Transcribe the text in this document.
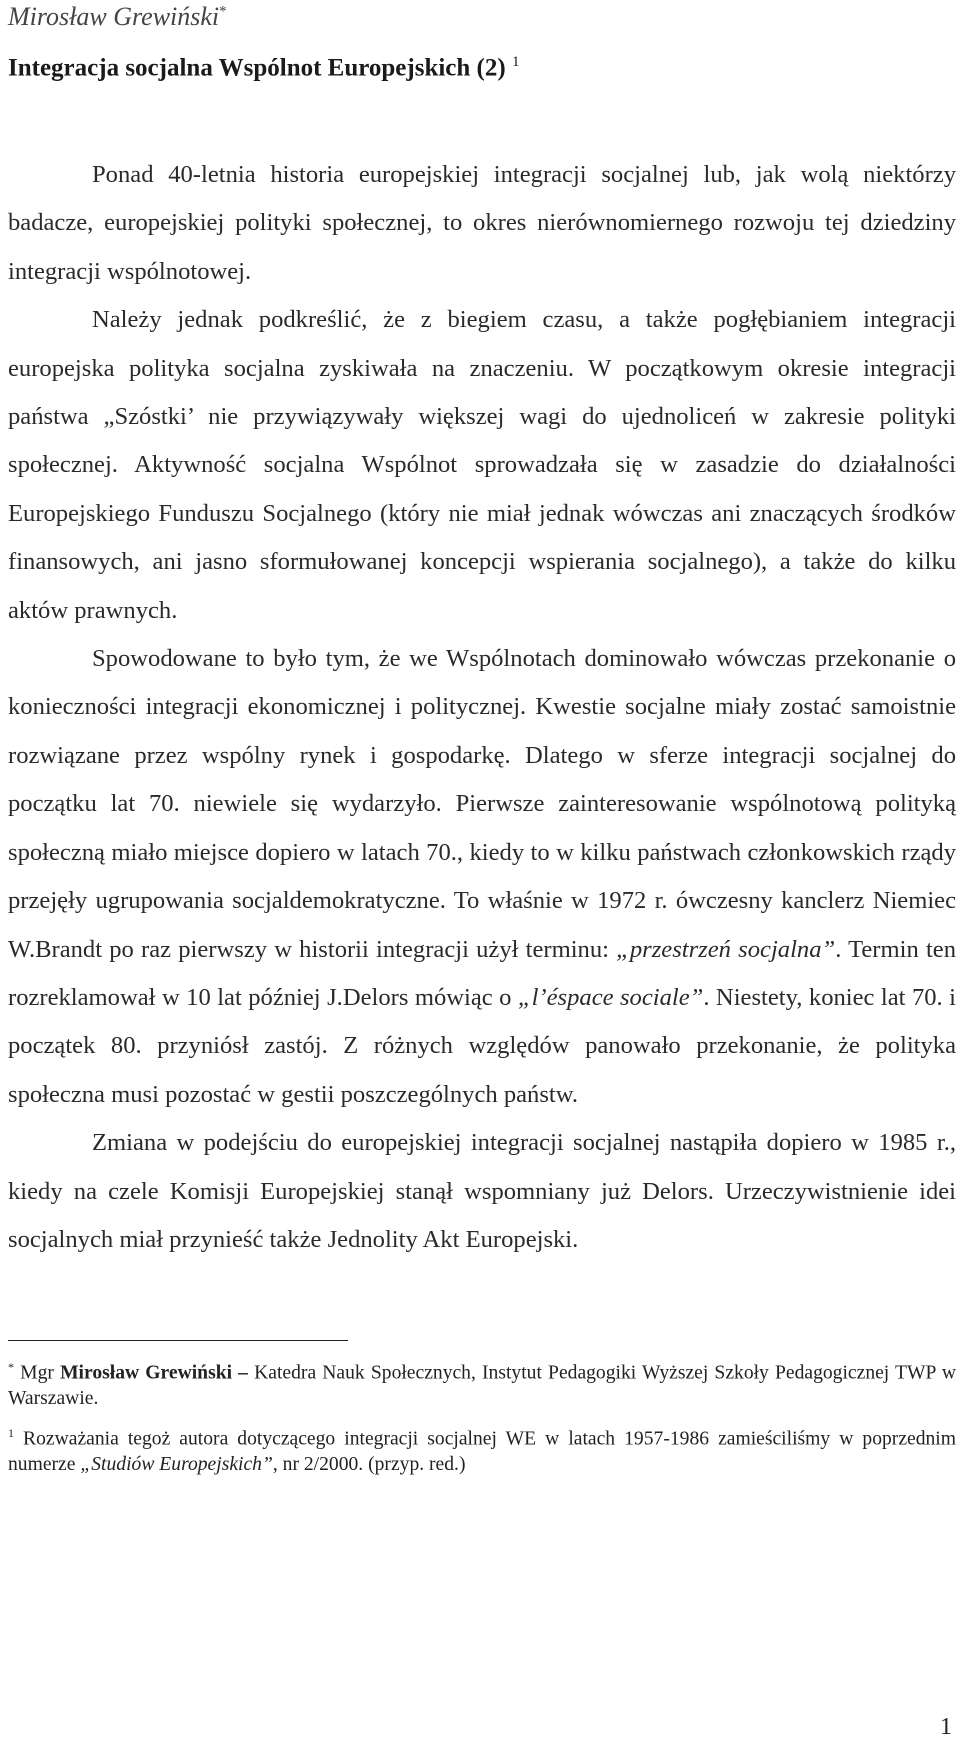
Mirosław Grewiński*
Integracja socjalna Wspólnot Europejskich (2) $^1$

Ponad 40-letnia historia europejskiej integracji socjalnej lub, jak wolą niektórzy badacze, europejskiej polityki społecznej, to okres nierównomiernego rozwoju tej dziedziny integracji wspólnotowej.

Należy jednak podkreślić, że z biegiem czasu, a także pogłębianiem integracji europejska polityka socjalna zyskiwała na znaczeniu. W początkowym okresie integracji państwa „Szóstki’ nie przywiązywały większej wagi do ujednoliceń w zakresie polityki społecznej. Aktywność socjalna Wspólnot sprowadzała się w zasadzie do działalności Europejskiego Funduszu Socjalnego (który nie miał jednak wówczas ani znaczących środków finansowych, ani jasno sformułowanej koncepcji wspierania socjalnego), a także do kilku aktów prawnych.

Spowodowane to było tym, że we Wspólnotach dominowało wówczas przekonanie o konieczności integracji ekonomicznej i politycznej. Kwestie socjalne miały zostać samoistnie rozwiązane przez wspólny rynek i gospodarkę. Dlatego w sferze integracji socjalnej do początku lat 70. niewiele się wydarzyło. Pierwsze zainteresowanie wspólnotową polityką społeczną miało miejsce dopiero w latach 70., kiedy to w kilku państwach członkowskich rządy przejęły ugrupowania socjaldemokratyczne. To właśnie w 1972 r. ówczesny kanclerz Niemiec W.Brandt po raz pierwszy w historii integracji użył terminu: „przestrzeń socjalna”. Termin ten rozreklamował w 10 lat później J.Delors mówiąc o „l’éspace sociale”. Niestety, koniec lat 70. i początek 80. przyniósł zastój. Z różnych względów panowało przekonanie, że polityka społeczna musi pozostać w gestii poszczególnych państw.

Zmiana w podejściu do europejskiej integracji socjalnej nastąpiła dopiero w 1985 r., kiedy na czele Komisji Europejskiej stanął wspomniany już Delors. Urzeczywistnienie idei socjalnych miał przynieść także Jednolity Akt Europejski.

* Mgr Mirosław Grewiński – Katedra Nauk Społecznych, Instytut Pedagogiki Wyższej Szkoły Pedagogicznej TWP w Warszawie.

$^1$ Rozważania tegoż autora dotyczącego integracji socjalnej WE w latach 1957-1986 zamieściliśmy w poprzednim numerze „Studiów Europejskich”, nr 2/2000. (przyp. red.)

1
